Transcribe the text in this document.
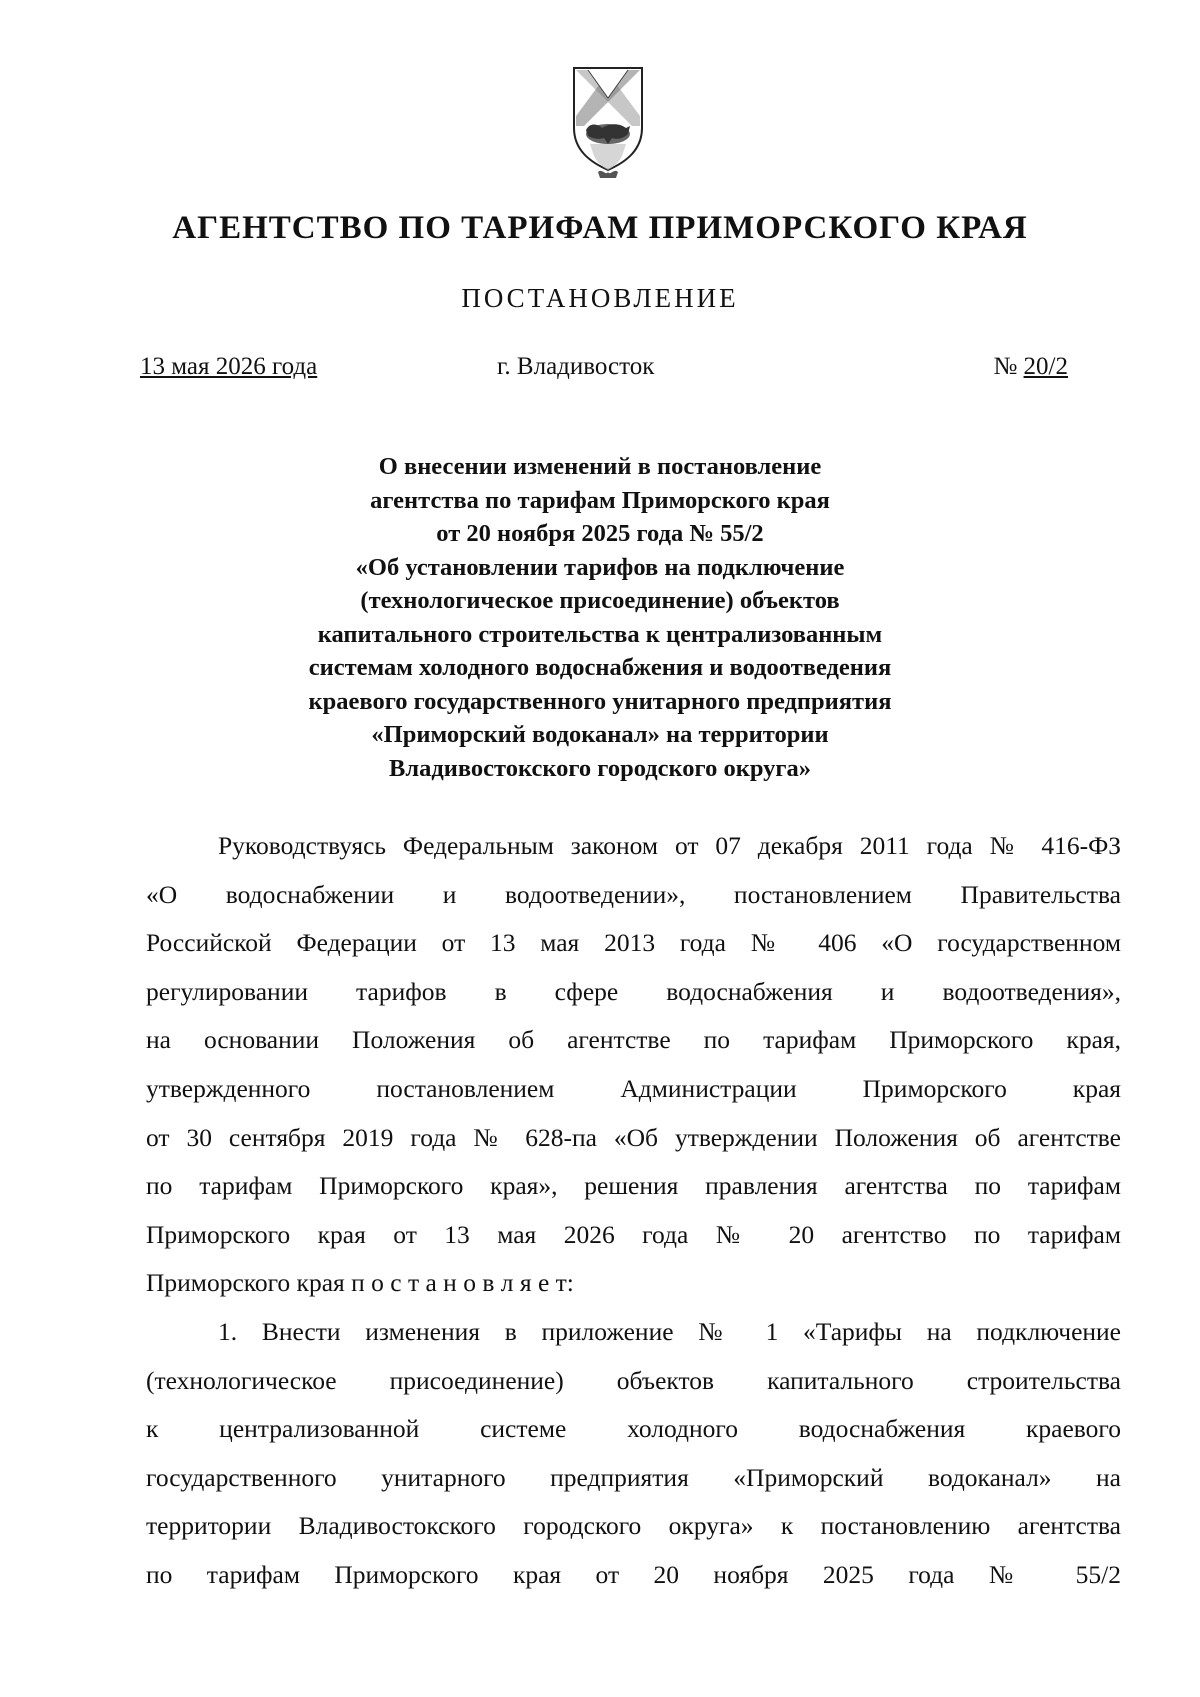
АГЕНТСТВО ПО ТАРИФАМ ПРИМОРСКОГО КРАЯ
ПОСТАНОВЛЕНИЕ
13 мая 2026 года	г. Владивосток	№ 20/2
О внесении изменений в постановление
агентства по тарифам Приморского края
от 20 ноября 2025 года № 55/2
«Об установлении тарифов на подключение
(технологическое присоединение) объектов
капитального строительства к централизованным
системам холодного водоснабжения и водоотведения
краевого государственного унитарного предприятия
«Приморский водоканал» на территории
Владивостокского городского округа»
Руководствуясь Федеральным законом от 07 декабря 2011 года № 416-ФЗ
«О водоснабжении и водоотведении», постановлением Правительства
Российской Федерации от 13 мая 2013 года № 406 «О государственном
регулировании тарифов в сфере водоснабжения и водоотведения»,
на основании Положения об агентстве по тарифам Приморского края,
утвержденного постановлением Администрации Приморского края
от 30 сентября 2019 года № 628-па «Об утверждении Положения об агентстве
по тарифам Приморского края», решения правления агентства по тарифам
Приморского края от 13 мая 2026 года № 20 агентство по тарифам
Приморского края п о с т а н о в л я е т:
1. Внести изменения в приложение № 1 «Тарифы на подключение
(технологическое присоединение) объектов капитального строительства
к централизованной системе холодного водоснабжения краевого
государственного унитарного предприятия «Приморский водоканал» на
территории Владивостокского городского округа» к постановлению агентства
по тарифам Приморского края от 20 ноября 2025 года № 55/2
